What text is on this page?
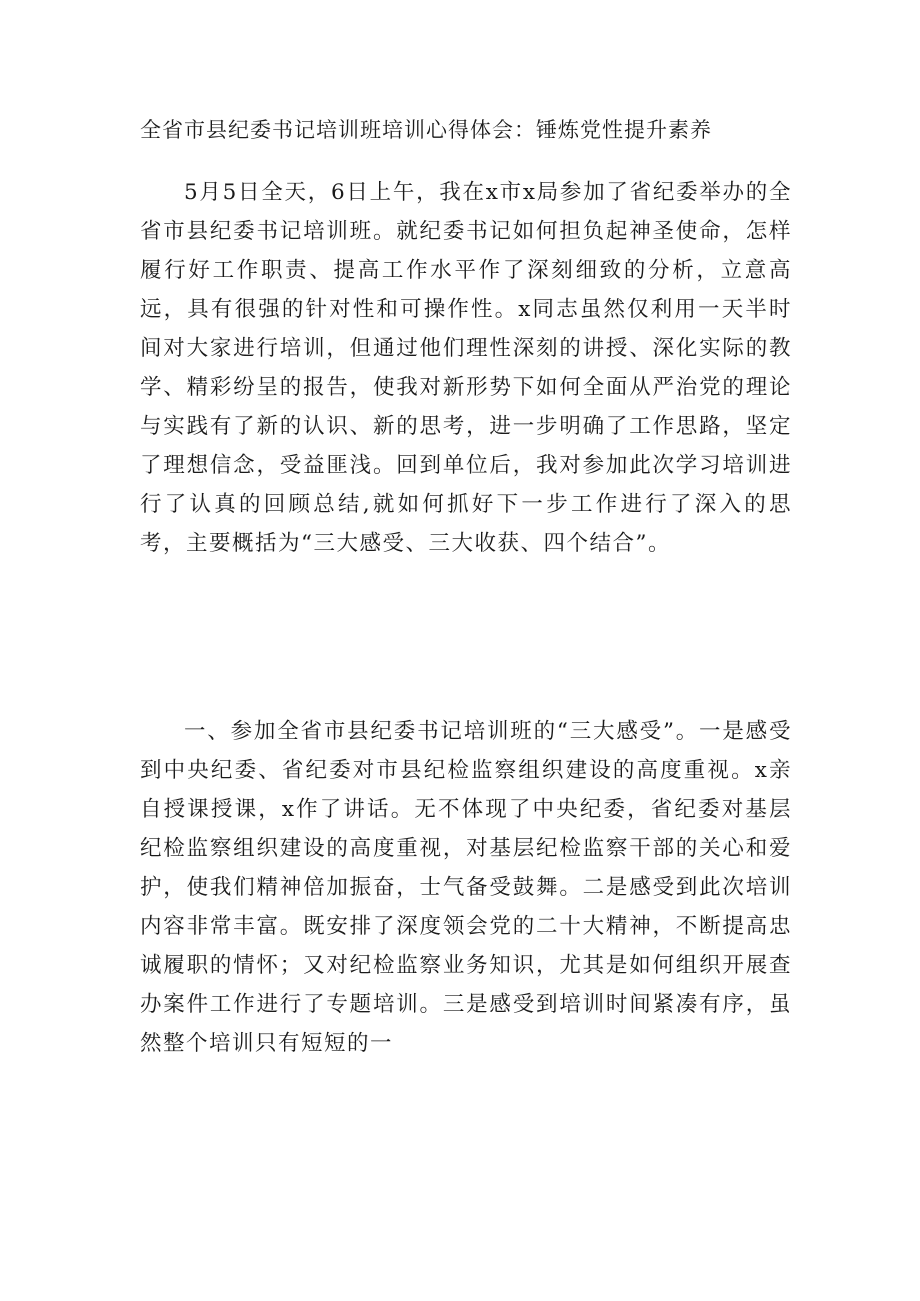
全省市县纪委书记培训班培训心得体会：锤炼党性提升素养

5月5日全天，6日上午，我在x市x局参加了省纪委举办的全省市县纪委书记培训班。就纪委书记如何担负起神圣使命，怎样履行好工作职责、提高工作水平作了深刻细致的分析，立意高远，具有很强的针对性和可操作性。x同志虽然仅利用一天半时间对大家进行培训，但通过他们理性深刻的讲授、深化实际的教学、精彩纷呈的报告，使我对新形势下如何全面从严治党的理论与实践有了新的认识、新的思考，进一步明确了工作思路，坚定了理想信念，受益匪浅。回到单位后，我对参加此次学习培训进行了认真的回顾总结,就如何抓好下一步工作进行了深入的思考，主要概括为“三大感受、三大收获、四个结合”。

一、参加全省市县纪委书记培训班的“三大感受”。一是感受到中央纪委、省纪委对市县纪检监察组织建设的高度重视。x亲自授课授课，x作了讲话。无不体现了中央纪委，省纪委对基层纪检监察组织建设的高度重视，对基层纪检监察干部的关心和爱护，使我们精神倍加振奋，士气备受鼓舞。二是感受到此次培训内容非常丰富。既安排了深度领会党的二十大精神，不断提高忠诚履职的情怀；又对纪检监察业务知识，尤其是如何组织开展查办案件工作进行了专题培训。三是感受到培训时间紧凑有序，虽然整个培训只有短短的一
